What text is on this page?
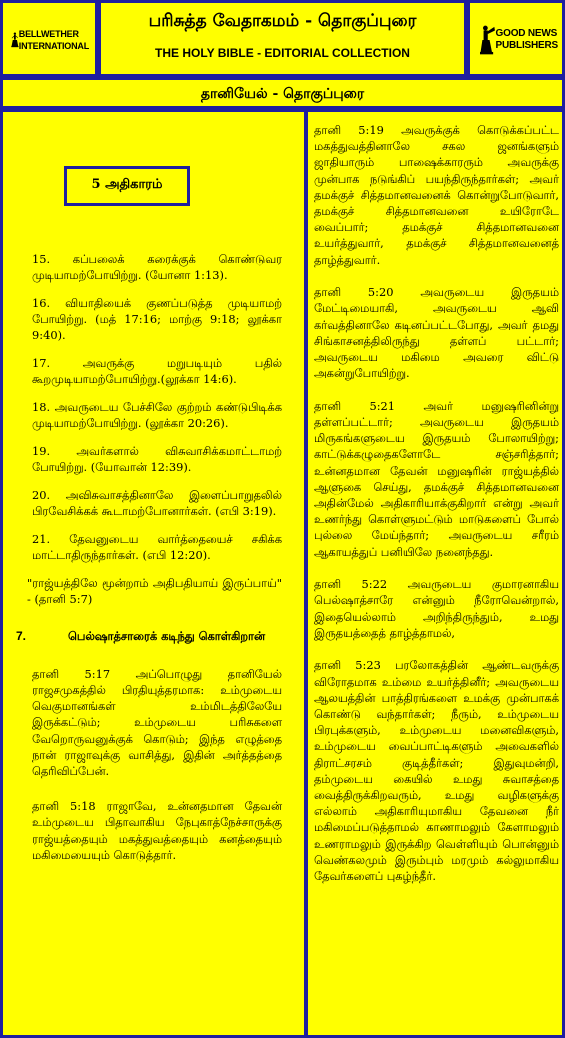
BELLWETHER
INTERNATIONAL
பரிசுத்த வேதாகமம் - தொகுப்புரை
THE HOLY BIBLE - EDITORIAL COLLECTION
GOOD NEWS
PUBLISHERS
தானியேல் - தொகுப்புரை
5 அதிகாரம்
15. கப்பலைக் கரைக்குக் கொண்டுவர முடியாமற்போயிற்று. (யோனா 1:13).
16. வியாதியைக் குணப்படுத்த முடியாமற் போயிற்று. (மத் 17:16; மாற்கு 9:18; லூக்கா 9:40).
17. அவருக்கு மறுபடியும் பதில் கூறமுடியாமற்போயிற்று.(லூக்கா 14:6).
18. அவருடைய பேச்சிலே குற்றம் கண்டுபிடிக்க முடியாமற்போயிற்று. (லூக்கா 20:26).
19. அவர்களால் விசுவாசிக்கமாட்டாமற் போயிற்று. (யோவான் 12:39).
20. அவிசுவாசத்தினாலே இளைப்பாறுதலில் பிரவேசிக்கக் கூடாமற்போனார்கள். (எபி 3:19).
21. தேவனுடைய வார்த்தையைச் சகிக்க மாட்டாதிருந்தார்கள். (எபி 12:20).
"ராஜ்யத்திலே மூன்றாம் அதிபதியாய் இருப்பாய்" - (தானி 5:7)
7.	பெல்ஷாத்சாரைக் கடிந்து கொள்கிறான்
தானி 5:17 அப்பொழுது தானியேல் ராஜசமுகத்தில் பிரதியுத்தரமாக: உம்முடைய வெகுமானங்கள் உம்மிடத்திலேயே இருக்கட்டும்; உம்முடைய பரிசுகளை வேறொருவனுக்குக் கொடும்; இந்த எழுத்தை நான் ராஜாவுக்கு வாசித்து, இதின் அர்த்தத்தை தெரிவிப்பேன்.
தானி 5:18 ராஜாவே, உன்னதமான தேவன் உம்முடைய பிதாவாகிய நேபுகாத்நேச்சாருக்கு ராஜ்யத்தையும் மகத்துவத்தையும் கனத்தையும் மகிமையையும் கொடுத்தார்.
தானி 5:19 அவருக்குக் கொடுக்கப்பட்ட மகத்துவத்தினாலே சகல ஜனங்களும் ஜாதியாரும் பாஷைக்காரரும் அவருக்கு முன்பாக நடுங்கிப் பயந்திருந்தார்கள்; அவர் தமக்குச் சித்தமானவனைக் கொன்றுபோடுவார், தமக்குச் சித்தமானவனை உயிரோடே வைப்பார்; தமக்குச் சித்தமானவனை உயர்த்துவார், தமக்குச் சித்தமானவனைத் தாழ்த்துவார்.
தானி 5:20 அவருடைய இருதயம் மேட்டிமையாகி, அவருடைய ஆவி கர்வத்தினாலே கடினப்பட்டபோது, அவர் தமது சிங்காசனத்திலிருந்து தள்ளப் பட்டார்; அவருடைய மகிமை அவரை விட்டு அகன்றுபோயிற்று.
தானி 5:21 அவர் மனுஷரினின்று தள்ளப்பட்டார்; அவருடைய இருதயம் மிருகங்களுடைய இருதயம் போலாயிற்று; காட்டுக்கழுதைகளோடே சஞ்சரித்தார்; உன்னதமான தேவன் மனுஷரின் ராஜ்யத்தில் ஆளுகை செய்து, தமக்குச் சித்தமானவனை அதின்மேல் அதிகாரியாக்குகிறார் என்று அவர் உணர்ந்து கொள்ளுமட்டும் மாடுகளைப் போல் புல்லை மேய்ந்தார்; அவருடைய சரீரம் ஆகாயத்துப் பனியிலே நனைந்தது.
தானி 5:22 அவருடைய குமாரனாகிய பெல்ஷாத்சாரே என்னும் நீரோவென்றால், இதையெல்லாம் அறிந்திருந்தும், உமது இருதயத்தைத் தாழ்த்தாமல்,
தானி 5:23 பரலோகத்தின் ஆண்டவருக்கு விரோதமாக உம்மை உயர்த்தினீர்; அவருடைய ஆலயத்தின் பாத்திரங்களை உமக்கு முன்பாகக் கொண்டு வந்தார்கள்; நீரும், உம்முடைய பிரபுக்களும், உம்முடைய மனைவிகளும், உம்முடைய வைப்பாட்டிகளும் அவைகளில் திராட்சரசம் குடித்தீர்கள்; இதுவுமன்றி, தம்முடைய கையில் உமது சுவாசத்தை வைத்திருக்கிறவரும், உமது வழிகளுக்கு எல்லாம் அதிகாரியுமாகிய தேவனை நீர் மகிமைப்படுத்தாமல் காணாமலும் கேளாமலும் உணராமலும் இருக்கிற வெள்ளியும் பொன்னும் வெண்கலமும் இரும்பும் மரமும் கல்லுமாகிய தேவர்களைப் புகழ்ந்தீர்.
